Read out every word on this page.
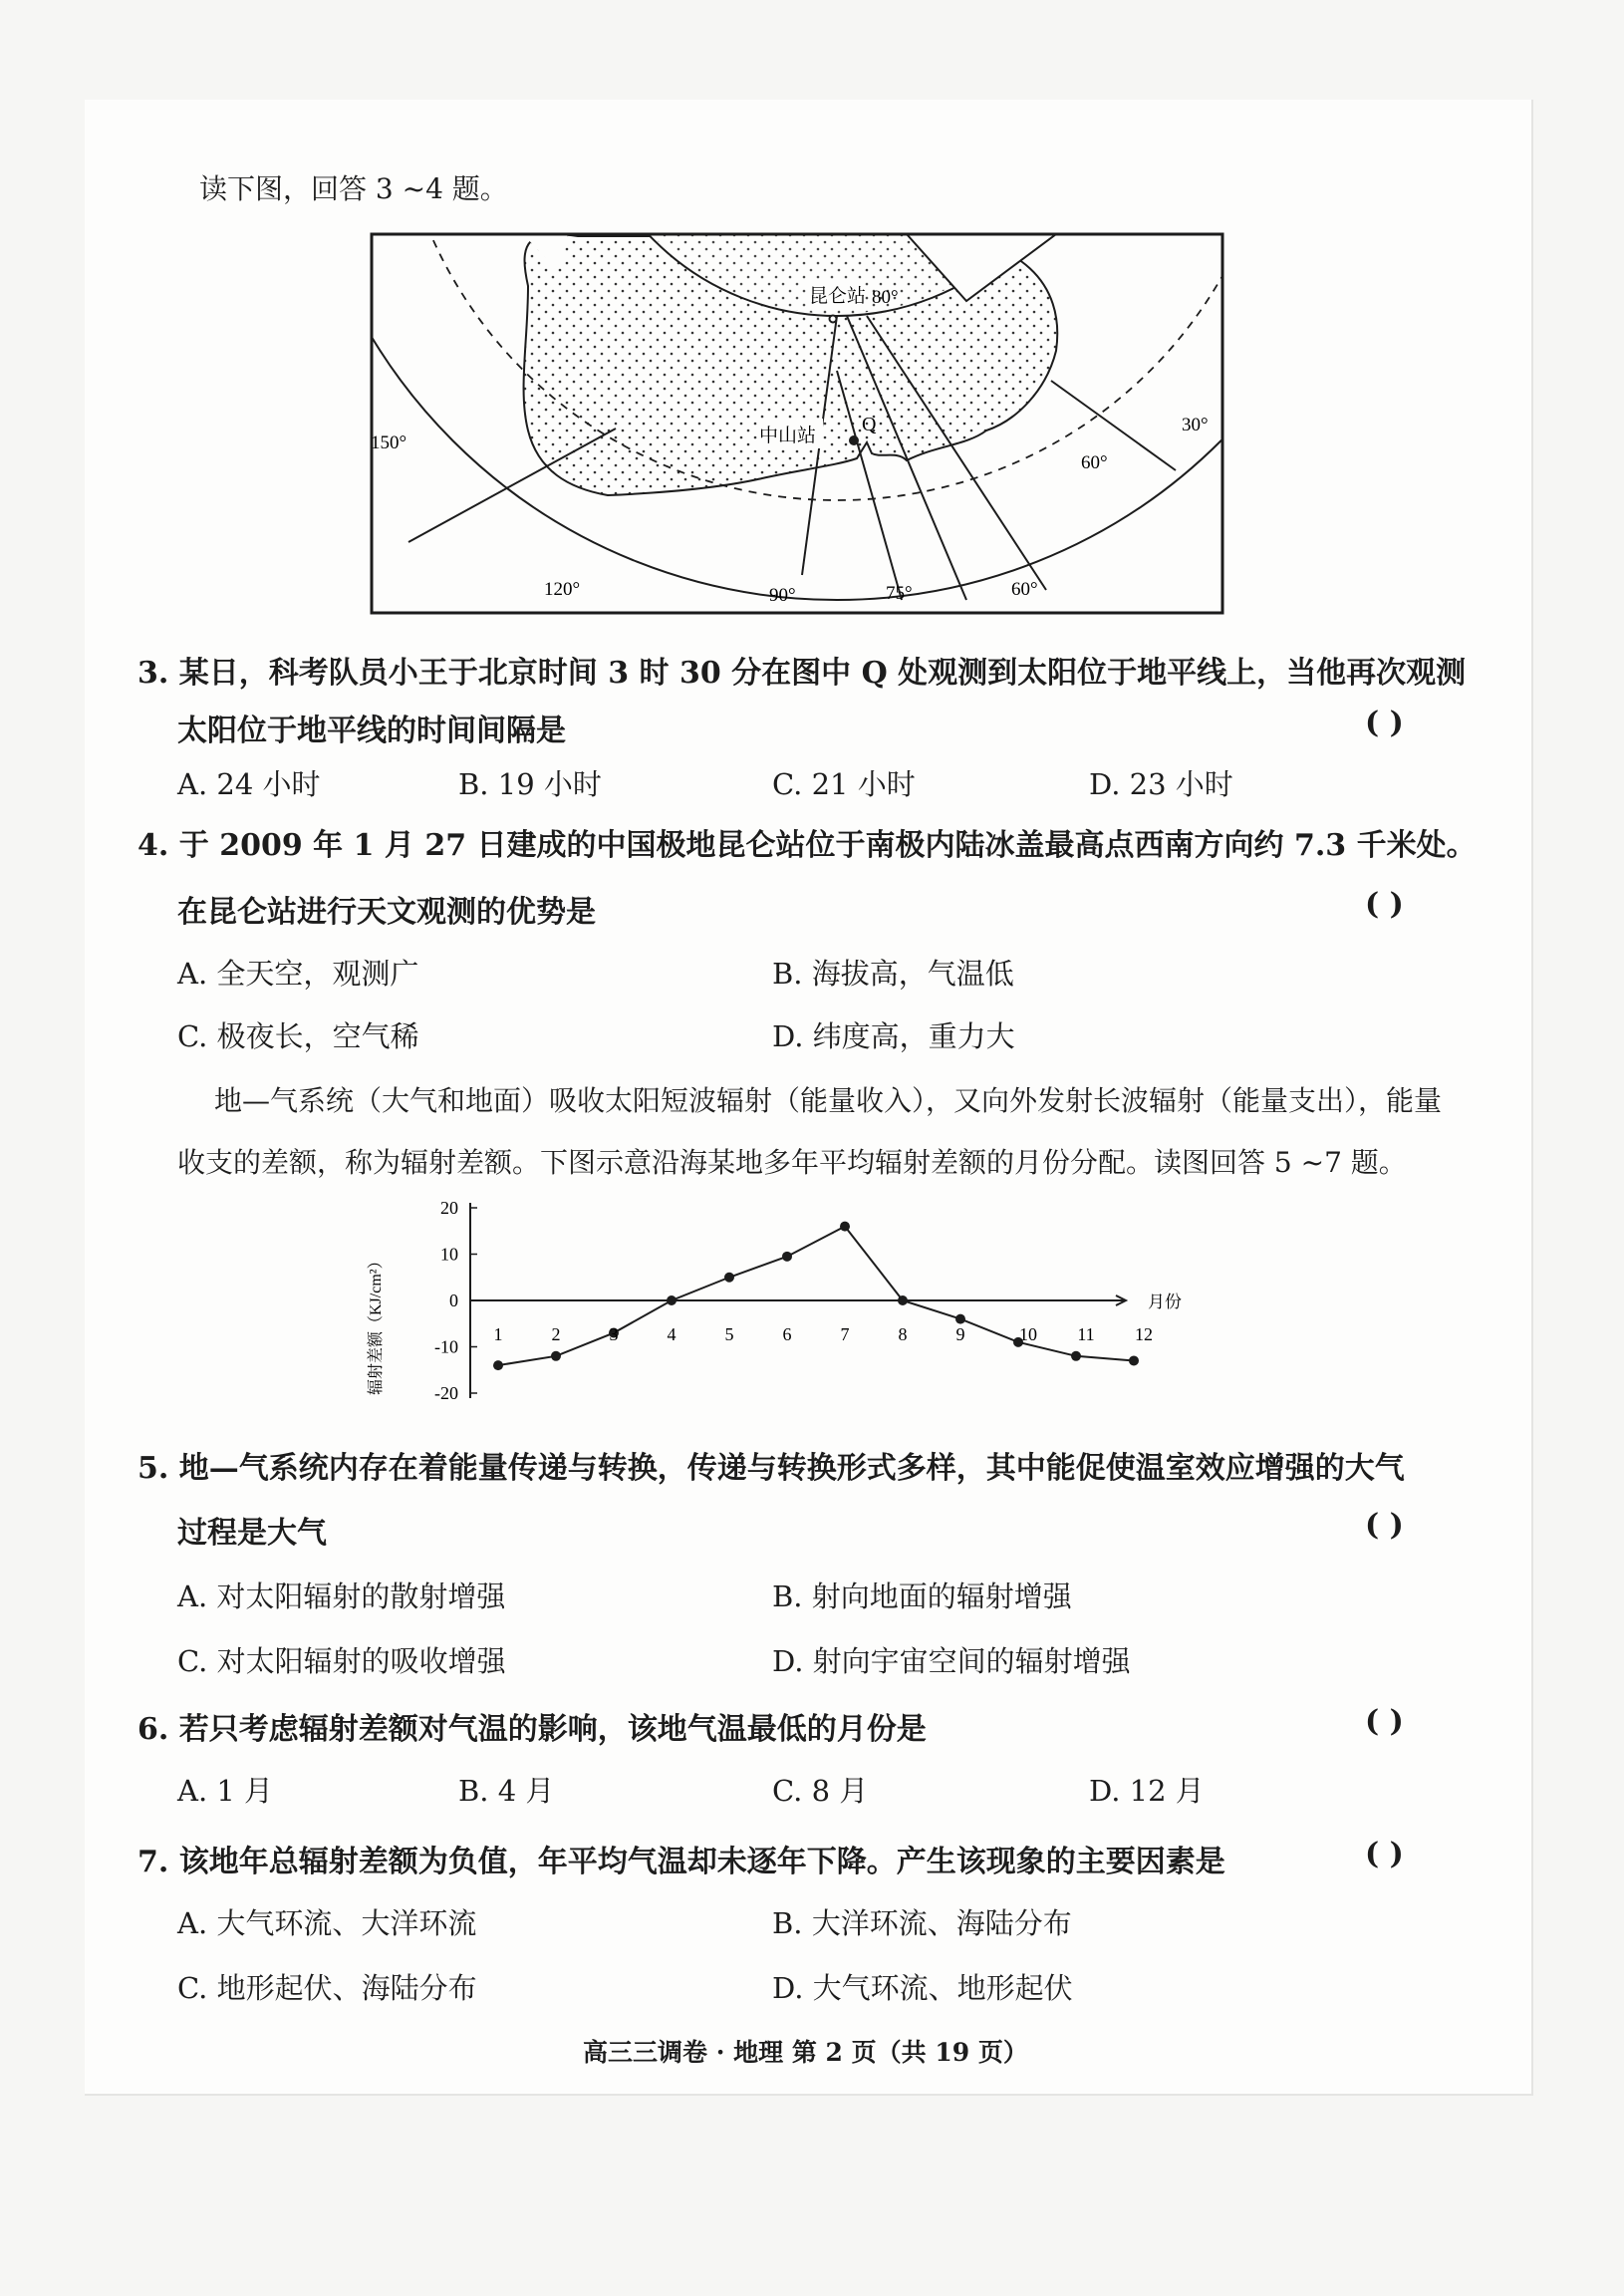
读下图，回答 3 ~4 题。
昆仑站
中山站
Q
80°
60°
150°
30°
120°	90°	75°	60°
3. 某日，科考队员小王于北京时间 3 时 30 分在图中 Q 处观测到太阳位于地平线上，当他再次观测
太阳位于地平线的时间间隔是	( )
A. 24 小时	B. 19 小时	C. 21 小时	D. 23 小时
4. 于 2009 年 1 月 27 日建成的中国极地昆仑站位于南极内陆冰盖最高点西南方向约 7.3 千米处。
在昆仑站进行天文观测的优势是	( )
A. 全天空，观测广	B. 海拔高，气温低
C. 极夜长，空气稀	D. 纬度高，重力大
地—气系统（大气和地面）吸收太阳短波辐射（能量收入），又向外发射长波辐射（能量支出），能量
收支的差额，称为辐射差额。下图示意沿海某地多年平均辐射差额的月份分配。读图回答 5 ~7 题。
20
10
0
-10
-20
月份
1	2	3	4	5	6	7	8	9	10 11 12
辐射差额（KJ/cm²）
5. 地—气系统内存在着能量传递与转换，传递与转换形式多样，其中能促使温室效应增强的大气
过程是大气	( )
A. 对太阳辐射的散射增强	B. 射向地面的辐射增强
C. 对太阳辐射的吸收增强	D. 射向宇宙空间的辐射增强
6. 若只考虑辐射差额对气温的影响，该地气温最低的月份是	( )
A. 1 月	B. 4 月	C. 8 月	D. 12 月
7. 该地年总辐射差额为负值，年平均气温却未逐年下降。产生该现象的主要因素是	( )
A. 大气环流、大洋环流	B. 大洋环流、海陆分布
C. 地形起伏、海陆分布	D. 大气环流、地形起伏
高三三调卷 · 地理 第 2 页（共 19 页）
